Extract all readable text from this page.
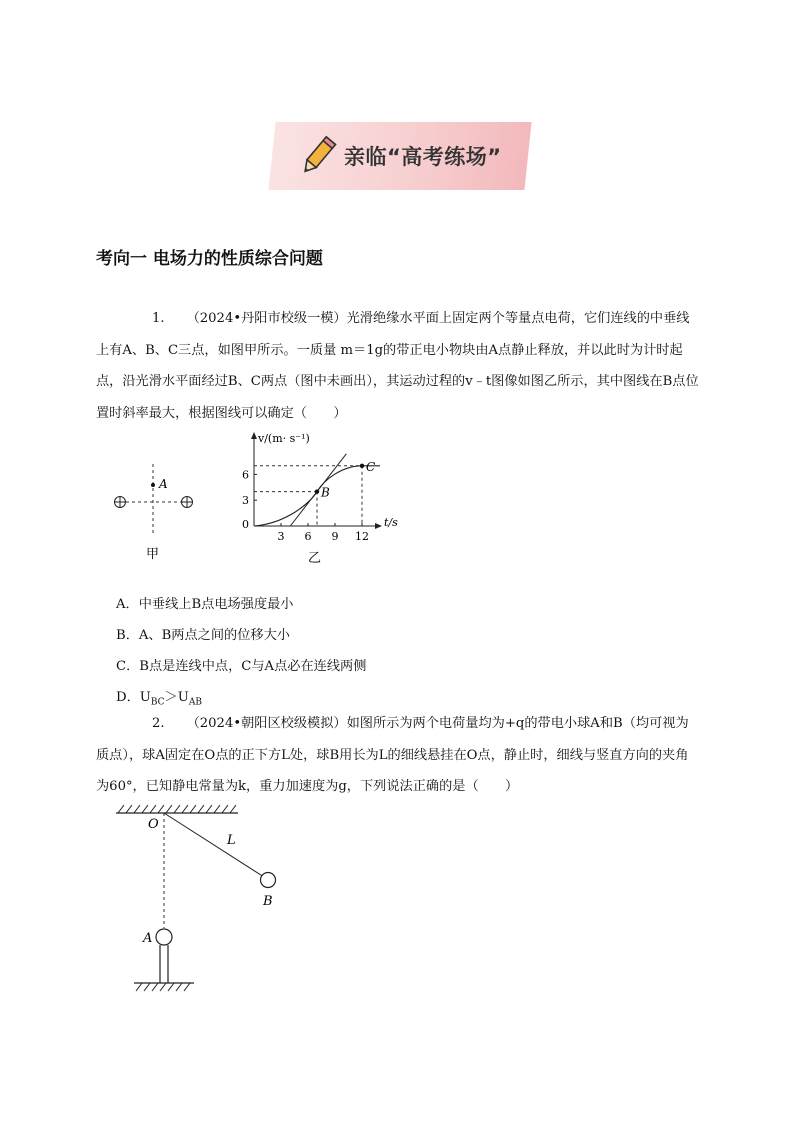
亲临“高考练场”
考向一 电场力的性质综合问题
1. （2024•丹阳市校级一模）光滑绝缘水平面上固定两个等量点电荷，它们连线的中垂线上有A、B、C三点，如图甲所示。一质量 m＝1g的带正电小物块由A点静止释放，并以此时为计时起点，沿光滑水平面经过B、C两点（图中未画出），其运动过程的v﹣t图像如图乙所示，其中图线在B点位置时斜率最大，根据图线可以确定（　　）
A
甲
v/(m· s⁻¹)
t/s
0
3
6
3 6 9 12
B
C
乙
A．中垂线上B点电场强度最小
B．A、B两点之间的位移大小
C．B点是连线中点，C与A点必在连线两侧
D．$U_{BC}>U_{AB}$
2. （2024•朝阳区校级模拟）如图所示为两个电荷量均为+q的带电小球A和B（均可视为质点），球A固定在O点的正下方L处，球B用长为L的细线悬挂在O点，静止时，细线与竖直方向的夹角为60°，已知静电常量为k，重力加速度为g，下列说法正确的是（　　）
O
L
B
A
